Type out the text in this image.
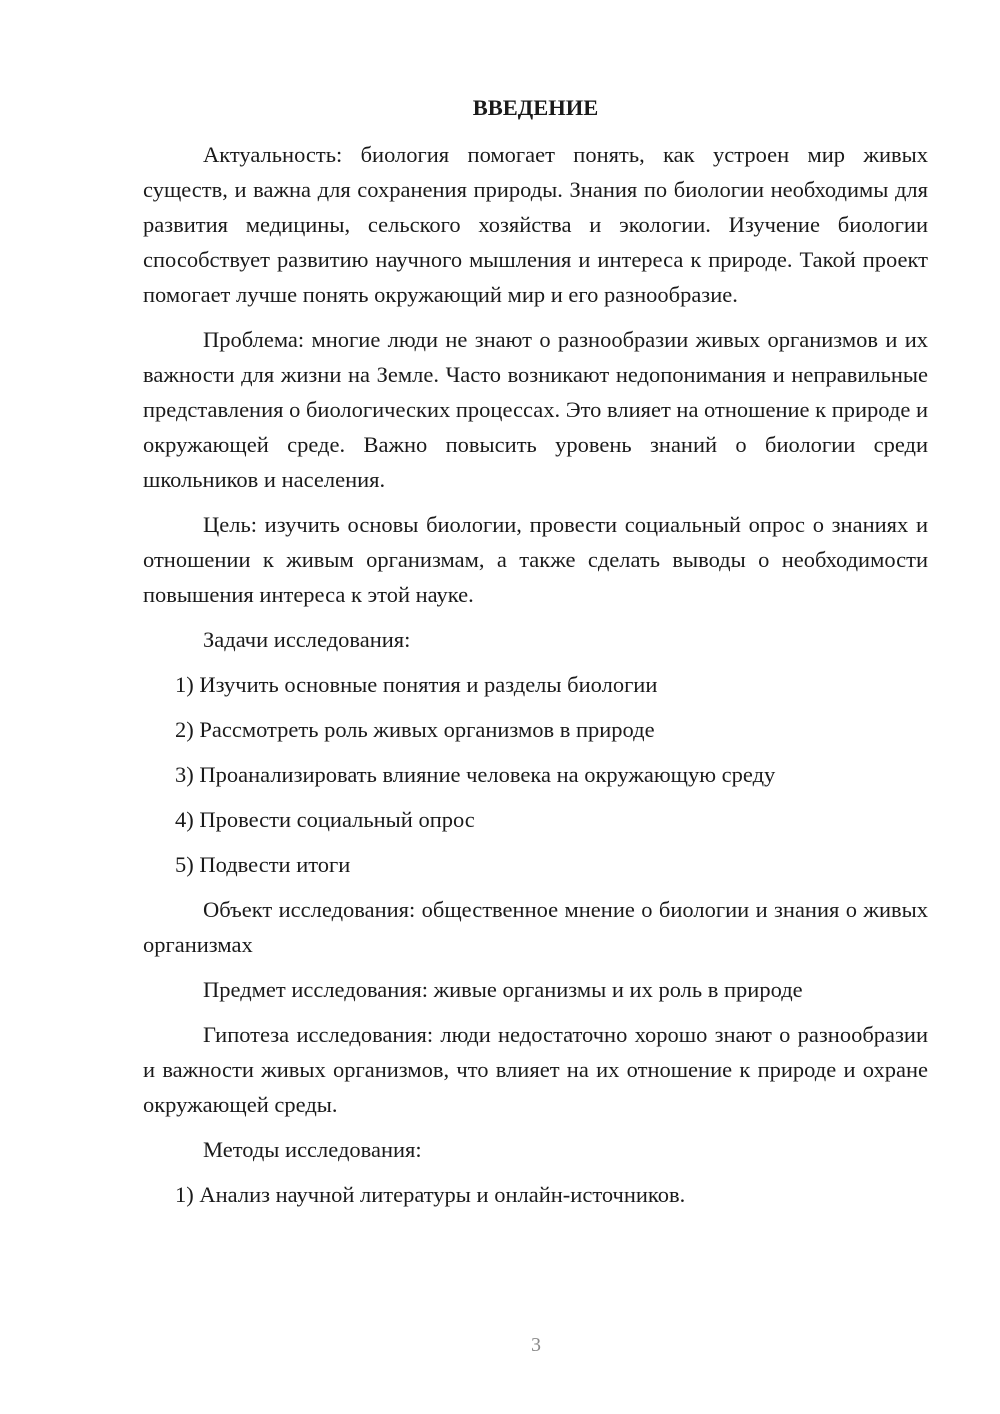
ВВЕДЕНИЕ

Актуальность: биология помогает понять, как устроен мир живых существ, и важна для сохранения природы. Знания по биологии необходимы для развития медицины, сельского хозяйства и экологии. Изучение биологии способствует развитию научного мышления и интереса к природе. Такой проект помогает лучше понять окружающий мир и его разнообразие.

Проблема: многие люди не знают о разнообразии живых организмов и их важности для жизни на Земле. Часто возникают недопонимания и неправильные представления о биологических процессах. Это влияет на отношение к природе и окружающей среде. Важно повысить уровень знаний о биологии среди школьников и населения.

Цель: изучить основы биологии, провести социальный опрос о знаниях и отношении к живым организмам, а также сделать выводы о необходимости повышения интереса к этой науке.

Задачи исследования:

1) Изучить основные понятия и разделы биологии
2) Рассмотреть роль живых организмов в природе
3) Проанализировать влияние человека на окружающую среду
4) Провести социальный опрос
5) Подвести итоги

Объект исследования: общественное мнение о биологии и знания о живых организмах

Предмет исследования: живые организмы и их роль в природе

Гипотеза исследования: люди недостаточно хорошо знают о разнообразии и важности живых организмов, что влияет на их отношение к природе и охране окружающей среды.

Методы исследования:

1) Анализ научной литературы и онлайн-источников.
3
